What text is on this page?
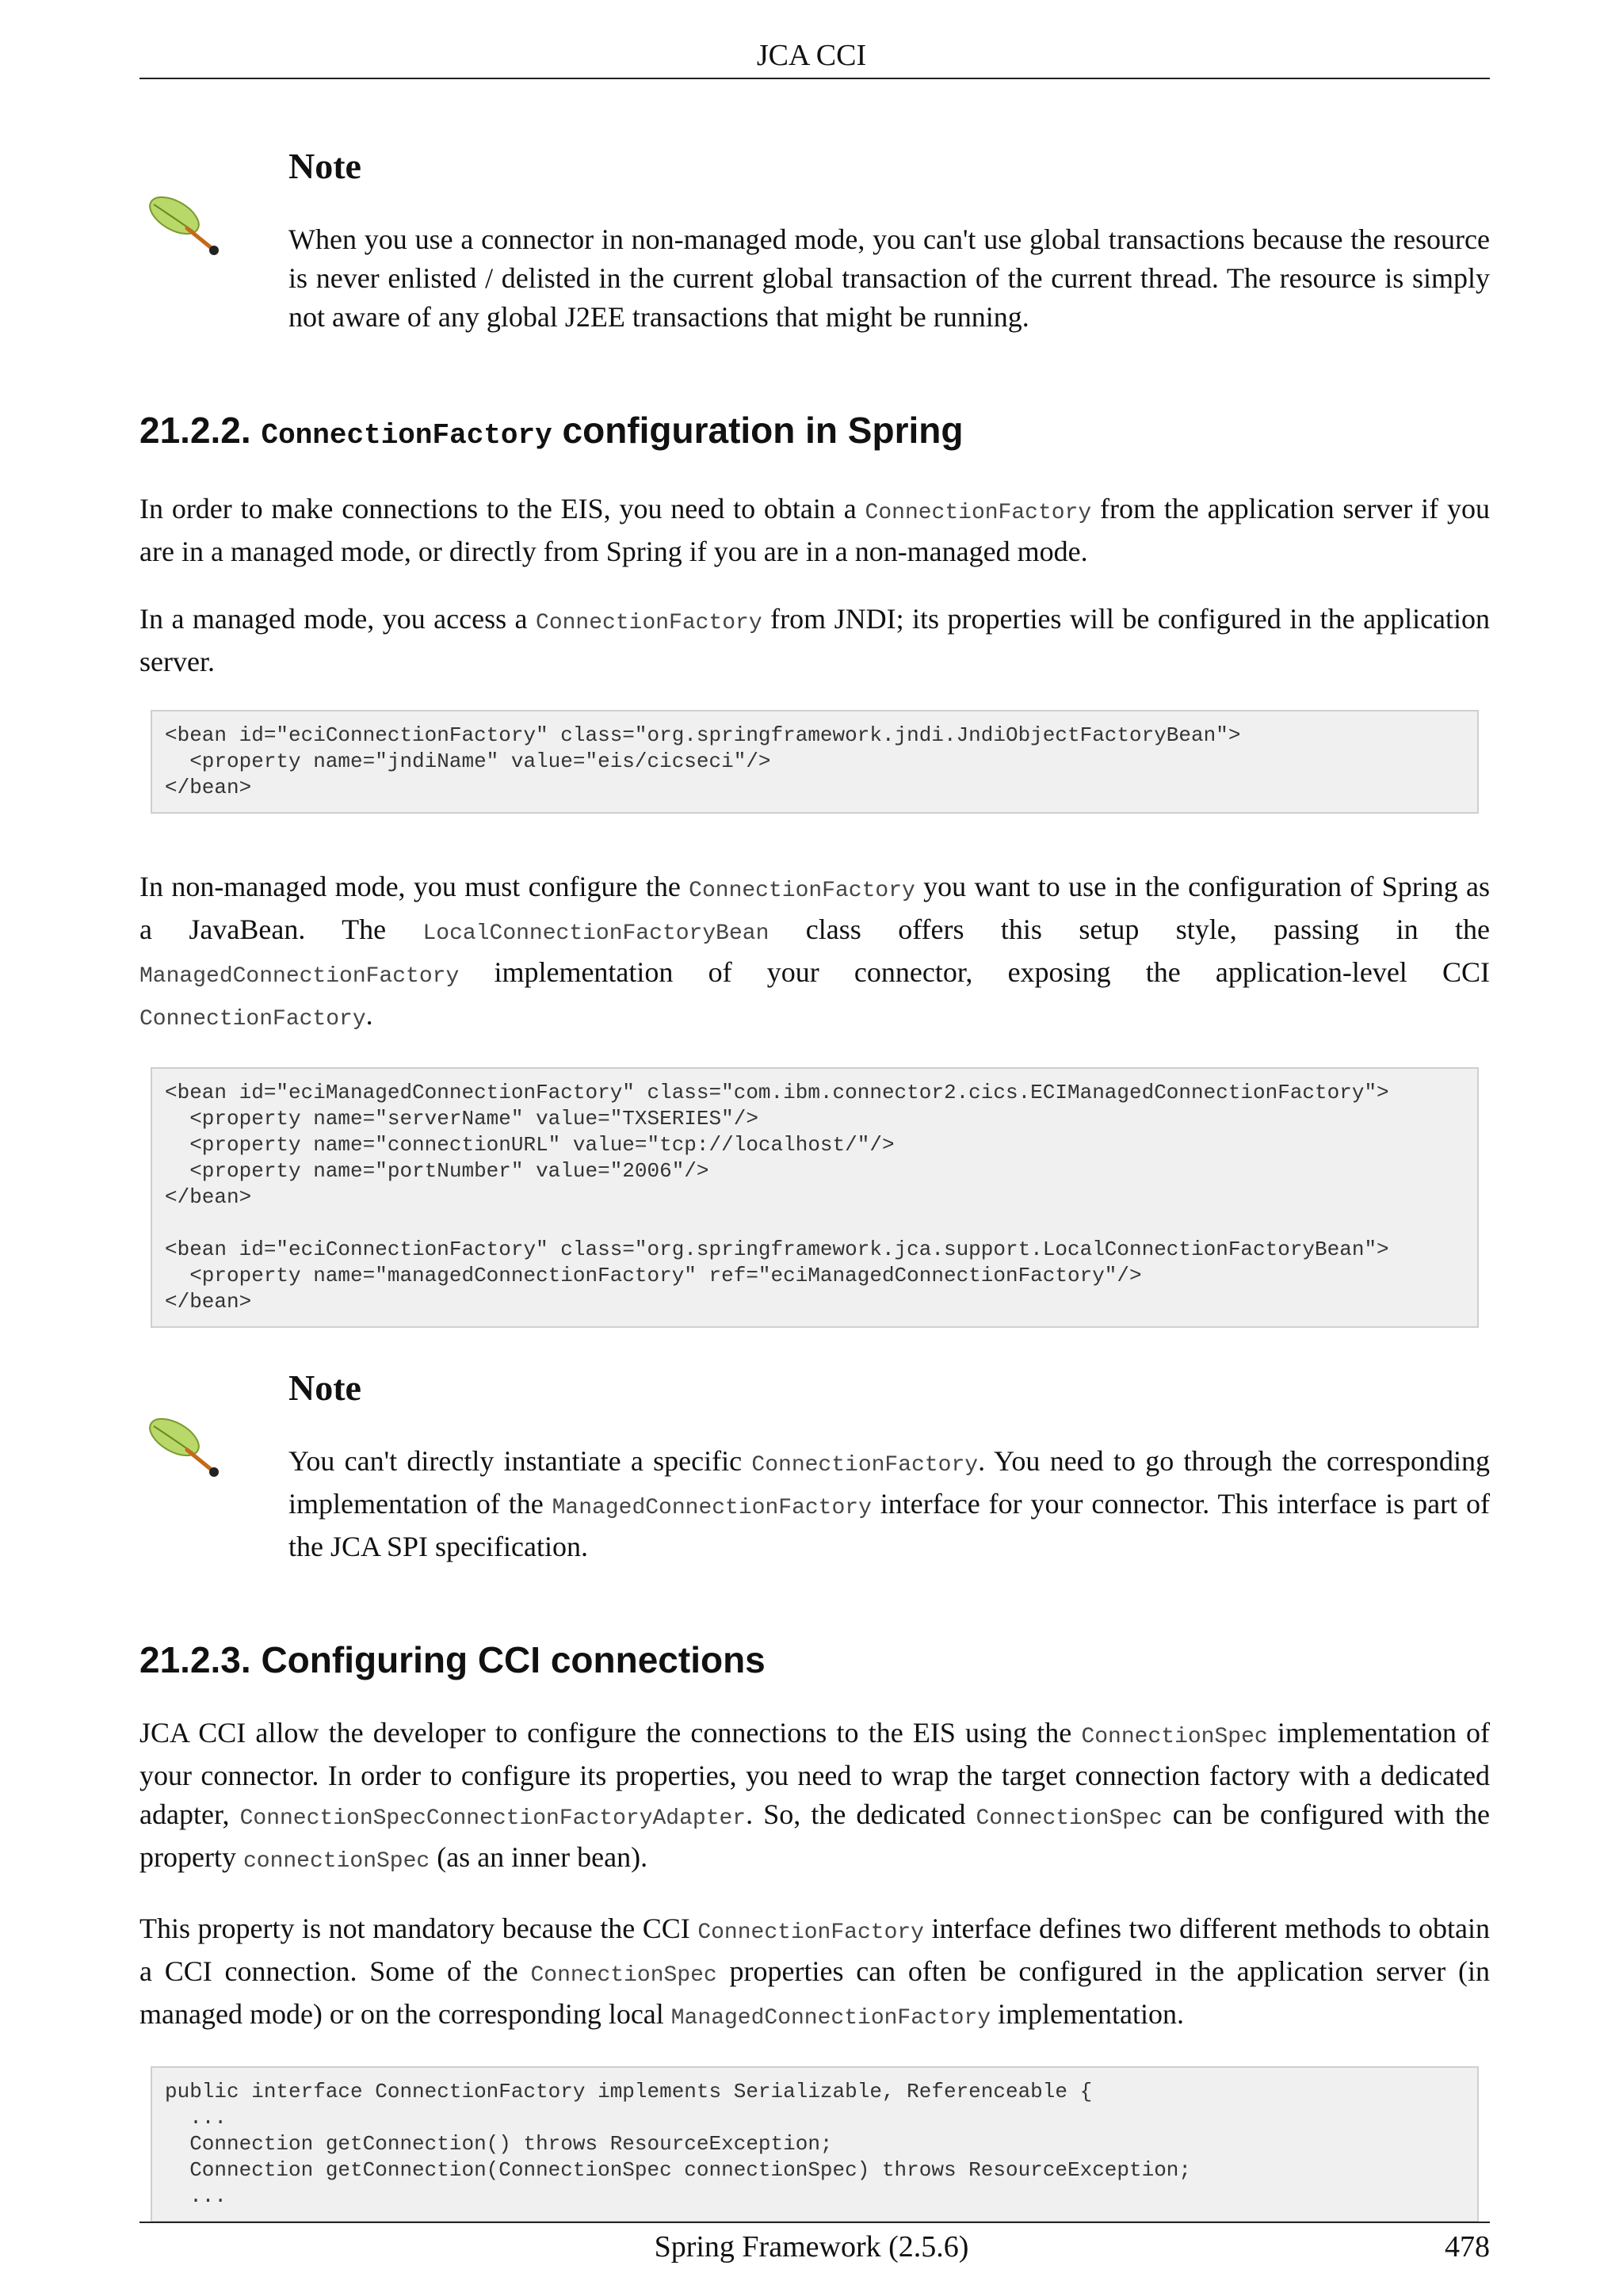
JCA CCI
Note

When you use a connector in non-managed mode, you can't use global transactions because the resource is never enlisted / delisted in the current global transaction of the current thread. The resource is simply not aware of any global J2EE transactions that might be running.

21.2.2. ConnectionFactory configuration in Spring

In order to make connections to the EIS, you need to obtain a ConnectionFactory from the application server if you are in a managed mode, or directly from Spring if you are in a non-managed mode.

In a managed mode, you access a ConnectionFactory from JNDI; its properties will be configured in the application server.

<bean id="eciConnectionFactory" class="org.springframework.jndi.JndiObjectFactoryBean">
<property name="jndiName" value="eis/cicseci"/>
</bean>

In non-managed mode, you must configure the ConnectionFactory you want to use in the configuration of Spring as a JavaBean. The LocalConnectionFactoryBean class offers this setup style, passing in the ManagedConnectionFactory implementation of your connector, exposing the application-level CCI ConnectionFactory.

<bean id="eciManagedConnectionFactory" class="com.ibm.connector2.cics.ECIManagedConnectionFactory">
<property name="serverName" value="TXSERIES"/>
<property name="connectionURL" value="tcp://localhost/"/>
<property name="portNumber" value="2006"/>
</bean>

<bean id="eciConnectionFactory" class="org.springframework.jca.support.LocalConnectionFactoryBean">
<property name="managedConnectionFactory" ref="eciManagedConnectionFactory"/>
</bean>
Note

You can't directly instantiate a specific ConnectionFactory. You need to go through the corresponding implementation of the ManagedConnectionFactory interface for your connector. This interface is part of the JCA SPI specification.

21.2.3. Configuring CCI connections

JCA CCI allow the developer to configure the connections to the EIS using the ConnectionSpec implementation of your connector. In order to configure its properties, you need to wrap the target connection factory with a dedicated adapter, ConnectionSpecConnectionFactoryAdapter. So, the dedicated ConnectionSpec can be configured with the property connectionSpec (as an inner bean).

This property is not mandatory because the CCI ConnectionFactory interface defines two different methods to obtain a CCI connection. Some of the ConnectionSpec properties can often be configured in the application server (in managed mode) or on the corresponding local ManagedConnectionFactory implementation.

public interface ConnectionFactory implements Serializable, Referenceable {
...
Connection getConnection() throws ResourceException;
Connection getConnection(ConnectionSpec connectionSpec) throws ResourceException;
...
Spring Framework (2.5.6)	478
